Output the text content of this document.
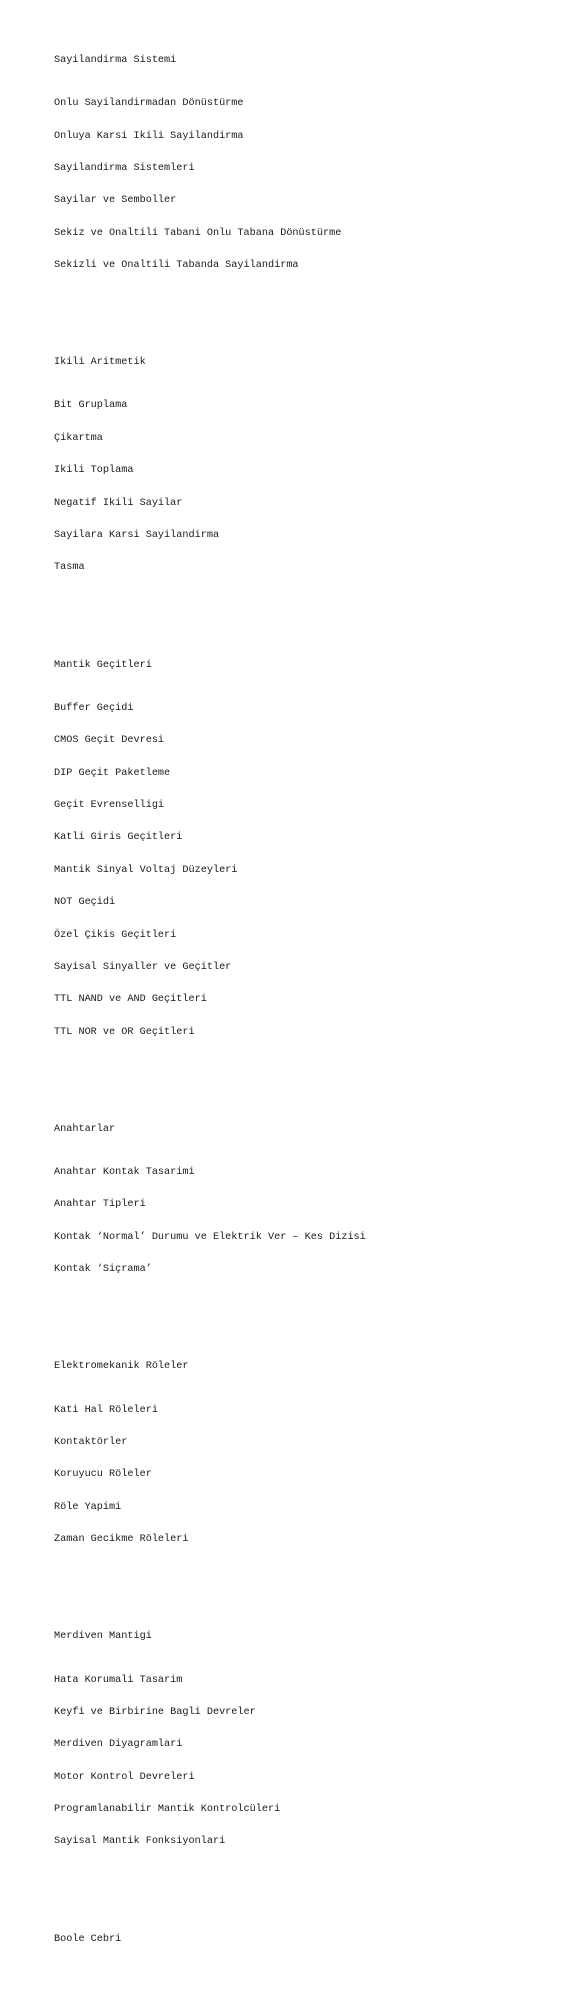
Sayilandirma Sistemi

Onlu Sayilandirmadan Dönüstürme

Onluya Karsi Ikili Sayilandirma

Sayilandirma Sistemleri

Sayilar ve Semboller

Sekiz ve Onaltili Tabani Onlu Tabana Dönüstürme

Sekizli ve Onaltili Tabanda Sayilandirma

Ikili Aritmetik

Bit Gruplama

Çikartma

Ikili Toplama

Negatif Ikili Sayilar

Sayilara Karsi Sayilandirma

Tasma

Mantik Geçitleri

Buffer Geçidi

CMOS Geçit Devresi

DIP Geçit Paketleme

Geçit Evrenselligi

Katli Giris Geçitleri

Mantik Sinyal Voltaj Düzeyleri

NOT Geçidi

Özel Çikis Geçitleri

Sayisal Sinyaller ve Geçitler

TTL NAND ve AND Geçitleri

TTL NOR ve OR Geçitleri

Anahtarlar

Anahtar Kontak Tasarimi

Anahtar Tipleri

Kontak ‘Normal’ Durumu ve Elektrik Ver – Kes Dizisi

Kontak ‘Siçrama’

Elektromekanik Röleler

Kati Hal Röleleri

Kontaktörler

Koruyucu Röleler

Röle Yapimi

Zaman Gecikme Röleleri

Merdiven Mantigi

Hata Korumali Tasarim

Keyfi ve Birbirine Bagli Devreler

Merdiven Diyagramlari

Motor Kontrol Devreleri

Programlanabilir Mantik Kontrolcüleri

Sayisal Mantik Fonksiyonlari

Boole Cebri
